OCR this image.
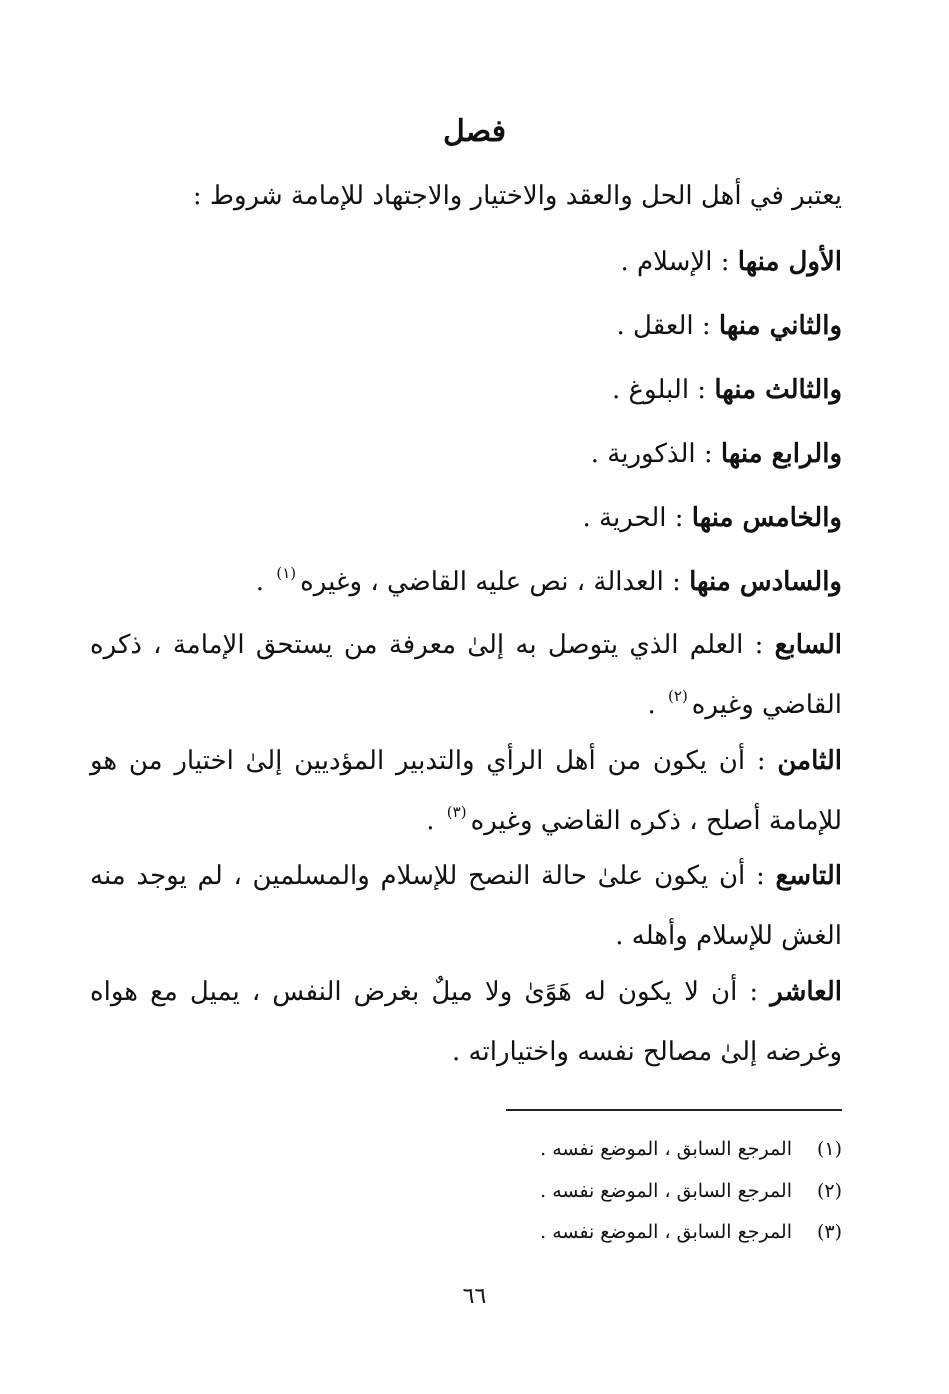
فصل
يعتبر في أهل الحل والعقد والاختيار والاجتهاد للإمامة شروط :
الأول منها : الإسلام .
والثاني منها : العقل .
والثالث منها : البلوغ .
والرابع منها : الذكورية .
والخامس منها : الحرية .
والسادس منها : العدالة ، نص عليه القاضي ، وغيره$^{(١)}$ .
السابع : العلم الذي يتوصل به إلىٰ معرفة من يستحق الإمامة ، ذكره القاضي وغيره$^{(٢)}$ .
الثامن : أن يكون من أهل الرأي والتدبير المؤديين إلىٰ اختيار من هو للإمامة أصلح ، ذكره القاضي وغيره$^{(٣)}$ .
التاسع : أن يكون علىٰ حالة النصح للإسلام والمسلمين ، لم يوجد منه الغش للإسلام وأهله .
العاشر : أن لا يكون له هَوًىٰ ولا ميلٌ بغرض النفس ، يميل مع هواه وغرضه إلىٰ مصالح نفسه واختياراته .
(١)المرجع السابق ، الموضع نفسه .
(٢)المرجع السابق ، الموضع نفسه .
(٣)المرجع السابق ، الموضع نفسه .
٦٦
